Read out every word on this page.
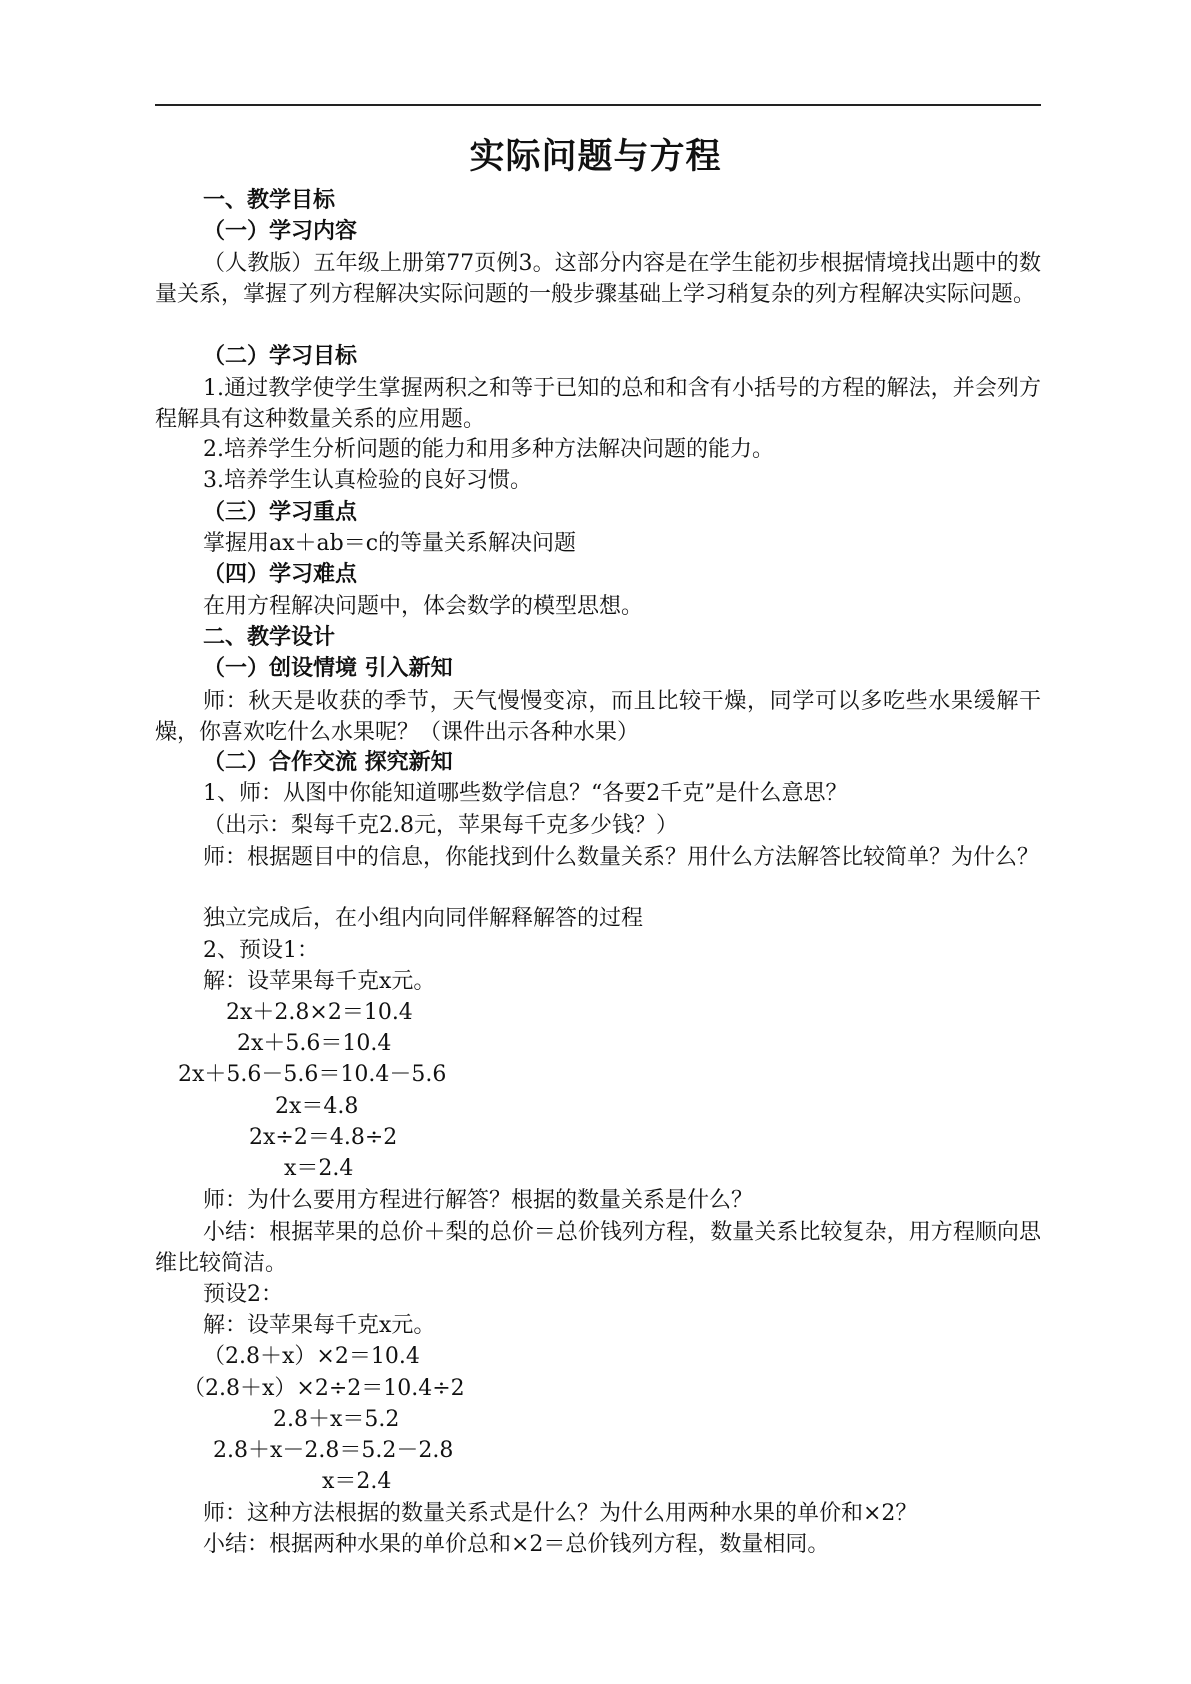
实际问题与方程
一、教学目标
（一）学习内容
（人教版）五年级上册第77页例3。这部分内容是在学生能初步根据情境找出题中的数量关系，掌握了列方程解决实际问题的一般步骤基础上学习稍复杂的列方程解决实际问题。
（二）学习目标
1.通过教学使学生掌握两积之和等于已知的总和和含有小括号的方程的解法，并会列方程解具有这种数量关系的应用题。
2.培养学生分析问题的能力和用多种方法解决问题的能力。
3.培养学生认真检验的良好习惯。
（三）学习重点
掌握用ax＋ab＝c的等量关系解决问题
（四）学习难点
在用方程解决问题中，体会数学的模型思想。
二、教学设计
（一）创设情境 引入新知
师：秋天是收获的季节，天气慢慢变凉，而且比较干燥，同学可以多吃些水果缓解干燥，你喜欢吃什么水果呢？（课件出示各种水果）
（二）合作交流 探究新知
1、师：从图中你能知道哪些数学信息？“各要2千克”是什么意思？
（出示：梨每千克2.8元，苹果每千克多少钱？）
师：根据题目中的信息，你能找到什么数量关系？用什么方法解答比较简单？为什么？
独立完成后，在小组内向同伴解释解答的过程
2、预设1：
解：设苹果每千克x元。
2x＋2.8×2＝10.4
2x＋5.6＝10.4
2x＋5.6－5.6＝10.4－5.6
2x＝4.8
2x÷2＝4.8÷2
x＝2.4
师：为什么要用方程进行解答？根据的数量关系是什么？
小结：根据苹果的总价＋梨的总价＝总价钱列方程，数量关系比较复杂，用方程顺向思维比较简洁。
预设2：
解：设苹果每千克x元。
（2.8＋x）×2＝10.4
（2.8＋x）×2÷2＝10.4÷2
2.8＋x＝5.2
2.8＋x－2.8＝5.2－2.8
x＝2.4
师：这种方法根据的数量关系式是什么？为什么用两种水果的单价和×2？
小结：根据两种水果的单价总和×2＝总价钱列方程，数量相同。
